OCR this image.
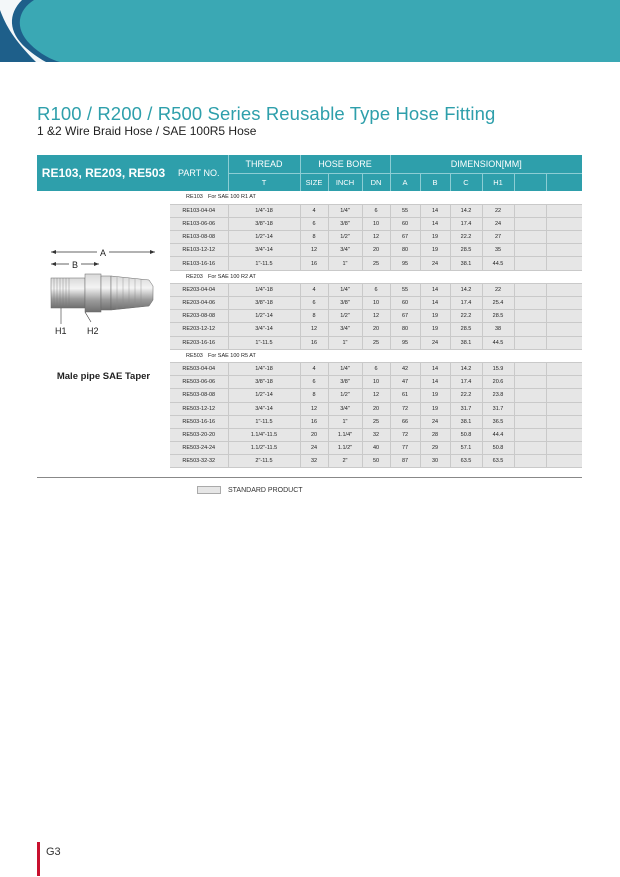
R100 / R200 / R500 Series Reusable Type Hose Fitting
1 &2 Wire Braid Hose / SAE 100R5 Hose
RE103, RE203, RE503
A
B
H1 H2
Male pipe SAE Taper
PART NO.	THREAD	HOSE BORE			DIMENSION[MM]					
	T	SIZE	INCH	DN	A	B	C	H1		
RE103 For SAE 100 R1 AT										
RE103-04-04	1/4"-18	4	1/4"	6	55	14	14.2	22		
RE103-06-06	3/8"-18	6	3/8"	10	60	14	17.4	24		
RE103-08-08	1/2"-14	8	1/2"	12	67	19	22.2	27		
RE103-12-12	3/4"-14	12	3/4"	20	80	19	28.5	35		
RE103-16-16	1"-11.5	16	1"	25	95	24	38.1	44.5		
RE203 For SAE 100 R2 AT										
RE203-04-04	1/4"-18	4	1/4"	6	55	14	14.2	22		
RE203-04-06	3/8"-18	6	3/8"	10	60	14	17.4	25.4		
RE203-08-08	1/2"-14	8	1/2"	12	67	19	22.2	28.5		
RE203-12-12	3/4"-14	12	3/4"	20	80	19	28.5	38		
RE203-16-16	1"-11.5	16	1"	25	95	24	38.1	44.5		
RE503 For SAE 100 R5 AT										
RE503-04-04	1/4"-18	4	1/4"	6	42	14	14.2	15.9		
RE503-06-06	3/8"-18	6	3/8"	10	47	14	17.4	20.6		
RE503-08-08	1/2"-14	8	1/2"	12	61	19	22.2	23.8		
RE503-12-12	3/4"-14	12	3/4"	20	72	19	31.7	31.7		
RE503-16-16	1"-11.5	16	1"	25	66	24	38.1	36.5		
RE503-20-20	1.1/4"-11.5	20	1.1/4"	32	72	28	50.8	44.4		
RE503-24-24	1.1/2"-11.5	24	1.1/2"	40	77	29	57.1	50.8		
RE503-32-32	2"-11.5	32	2"	50	87	30	63.5	63.5		
STANDARD PRODUCT
G3
